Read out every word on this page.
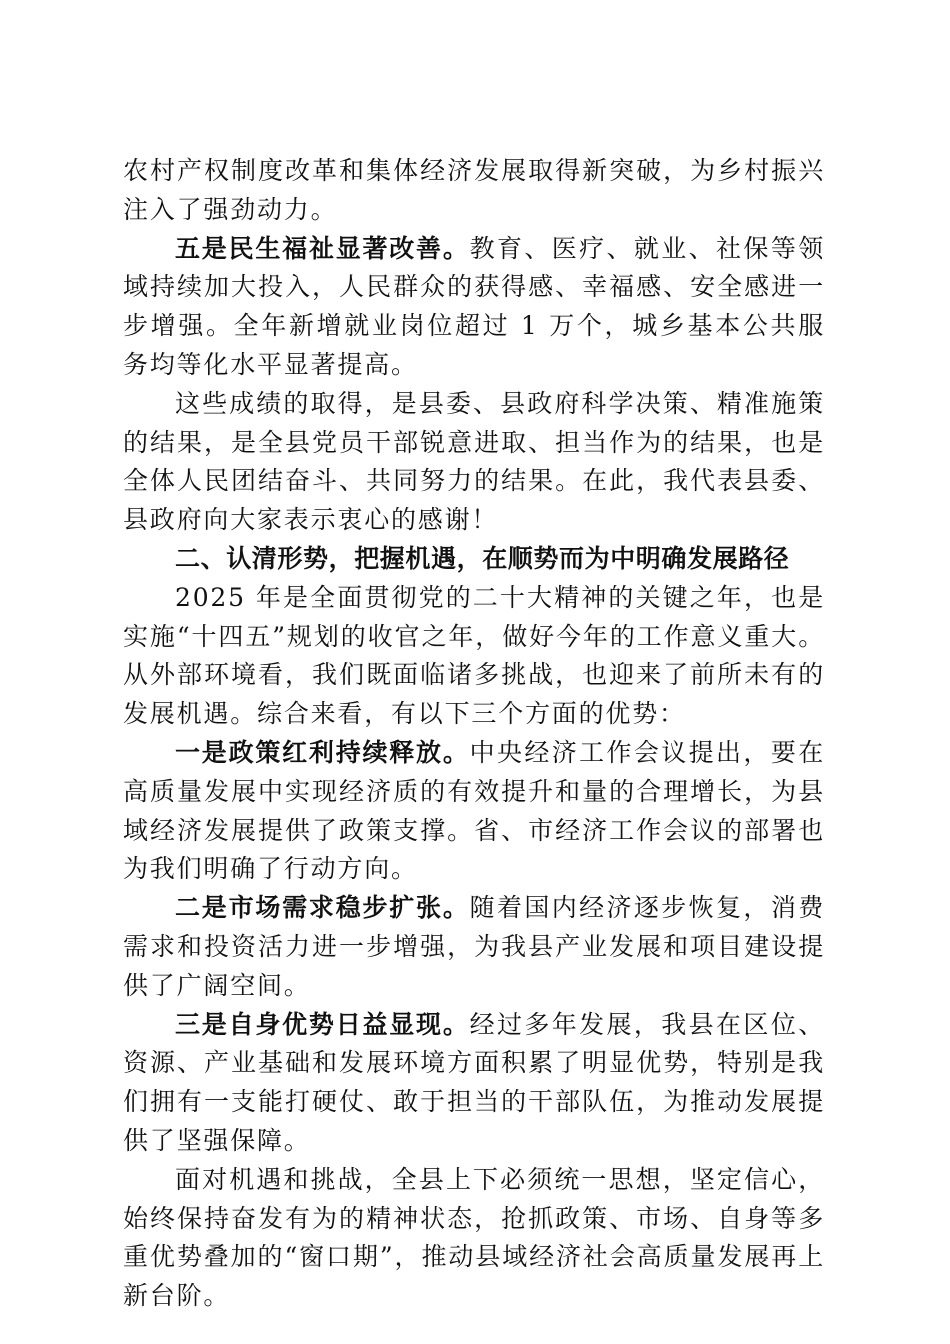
农村产权制度改革和集体经济发展取得新突破，为乡村振兴注入了强劲动力。

五是民生福祉显著改善。教育、医疗、就业、社保等领域持续加大投入，人民群众的获得感、幸福感、安全感进一步增强。全年新增就业岗位超过 1 万个，城乡基本公共服务均等化水平显著提高。

这些成绩的取得，是县委、县政府科学决策、精准施策的结果，是全县党员干部锐意进取、担当作为的结果，也是全体人民团结奋斗、共同努力的结果。在此，我代表县委、县政府向大家表示衷心的感谢！

二、认清形势，把握机遇，在顺势而为中明确发展路径

2025 年是全面贯彻党的二十大精神的关键之年，也是实施“十四五”规划的收官之年，做好今年的工作意义重大。从外部环境看，我们既面临诸多挑战，也迎来了前所未有的发展机遇。综合来看，有以下三个方面的优势：

一是政策红利持续释放。中央经济工作会议提出，要在高质量发展中实现经济质的有效提升和量的合理增长，为县域经济发展提供了政策支撑。省、市经济工作会议的部署也为我们明确了行动方向。

二是市场需求稳步扩张。随着国内经济逐步恢复，消费需求和投资活力进一步增强，为我县产业发展和项目建设提供了广阔空间。

三是自身优势日益显现。经过多年发展，我县在区位、资源、产业基础和发展环境方面积累了明显优势，特别是我们拥有一支能打硬仗、敢于担当的干部队伍，为推动发展提供了坚强保障。

面对机遇和挑战，全县上下必须统一思想，坚定信心，始终保持奋发有为的精神状态，抢抓政策、市场、自身等多重优势叠加的“窗口期”，推动县域经济社会高质量发展再上新台阶。
